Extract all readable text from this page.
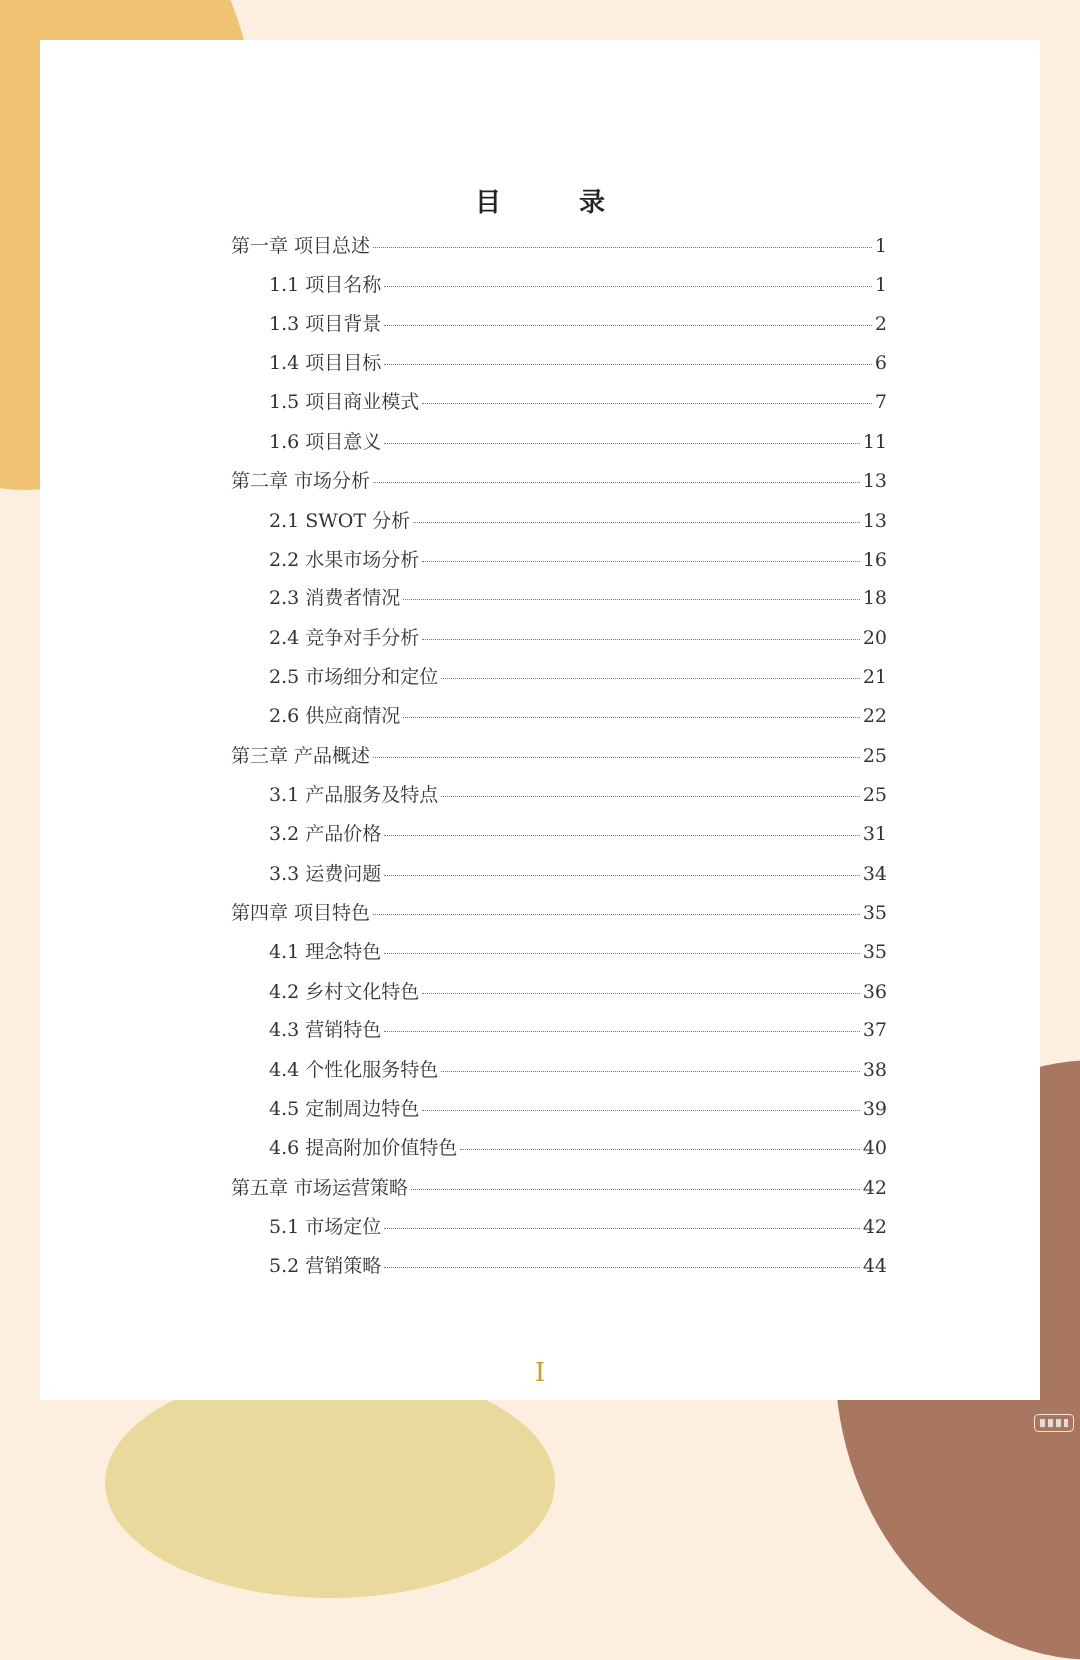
目　录
第一章 项目总述	1
1.1 项目名称	1
1.3 项目背景	2
1.4 项目目标	6
1.5 项目商业模式	7
1.6 项目意义	11
第二章 市场分析	13
2.1 SWOT 分析	13
2.2 水果市场分析	16
2.3 消费者情况	18
2.4 竞争对手分析	20
2.5 市场细分和定位	21
2.6 供应商情况	22
第三章 产品概述	25
3.1 产品服务及特点	25
3.2 产品价格	31
3.3 运费问题	34
第四章 项目特色	35
4.1 理念特色	35
4.2 乡村文化特色	36
4.3 营销特色	37
4.4 个性化服务特色	38
4.5 定制周边特色	39
4.6 提高附加价值特色	40
第五章 市场运营策略	42
5.1 市场定位	42
5.2 营销策略	44
I
